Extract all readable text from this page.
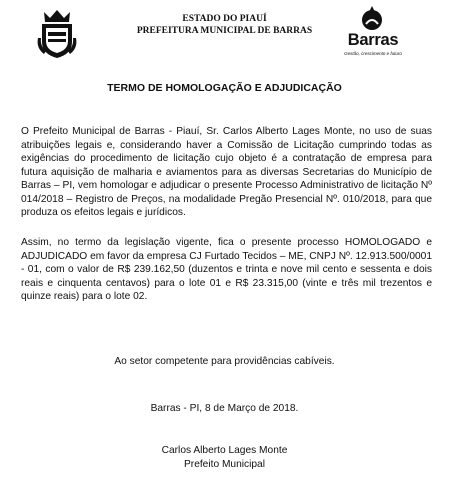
ESTADO DO PIAUÍ
PREFEITURA MUNICIPAL DE BARRAS	Barras
Gestão, crescimento e futuro
TERMO DE HOMOLOGAÇÃO E ADJUDICAÇÃO
O Prefeito Municipal de Barras - Piauí, Sr. Carlos Alberto Lages Monte, no uso de suas atribuições legais e, considerando haver a Comissão de Licitação cumprindo todas as exigências do procedimento de licitação cujo objeto é a contratação de empresa para futura aquisição de malharia e aviamentos para as diversas Secretarias do Município de Barras – PI, vem homologar e adjudicar o presente Processo Administrativo de licitação Nº 014/2018 – Registro de Preços, na modalidade Pregão Presencial Nº. 010/2018, para que produza os efeitos legais e jurídicos.
Assim, no termo da legislação vigente, fica o presente processo HOMOLOGADO e ADJUDICADO em favor da empresa CJ Furtado Tecidos – ME, CNPJ Nº. 12.913.500/0001 - 01, com o valor de R$ 239.162,50 (duzentos e trinta e nove mil cento e sessenta e dois reais e cinquenta centavos) para o lote 01 e R$ 23.315,00 (vinte e três mil trezentos e quinze reais) para o lote 02.
Ao setor competente para providências cabíveis.
Barras - PI, 8 de Março de 2018.
Carlos Alberto Lages Monte
Prefeito Municipal
